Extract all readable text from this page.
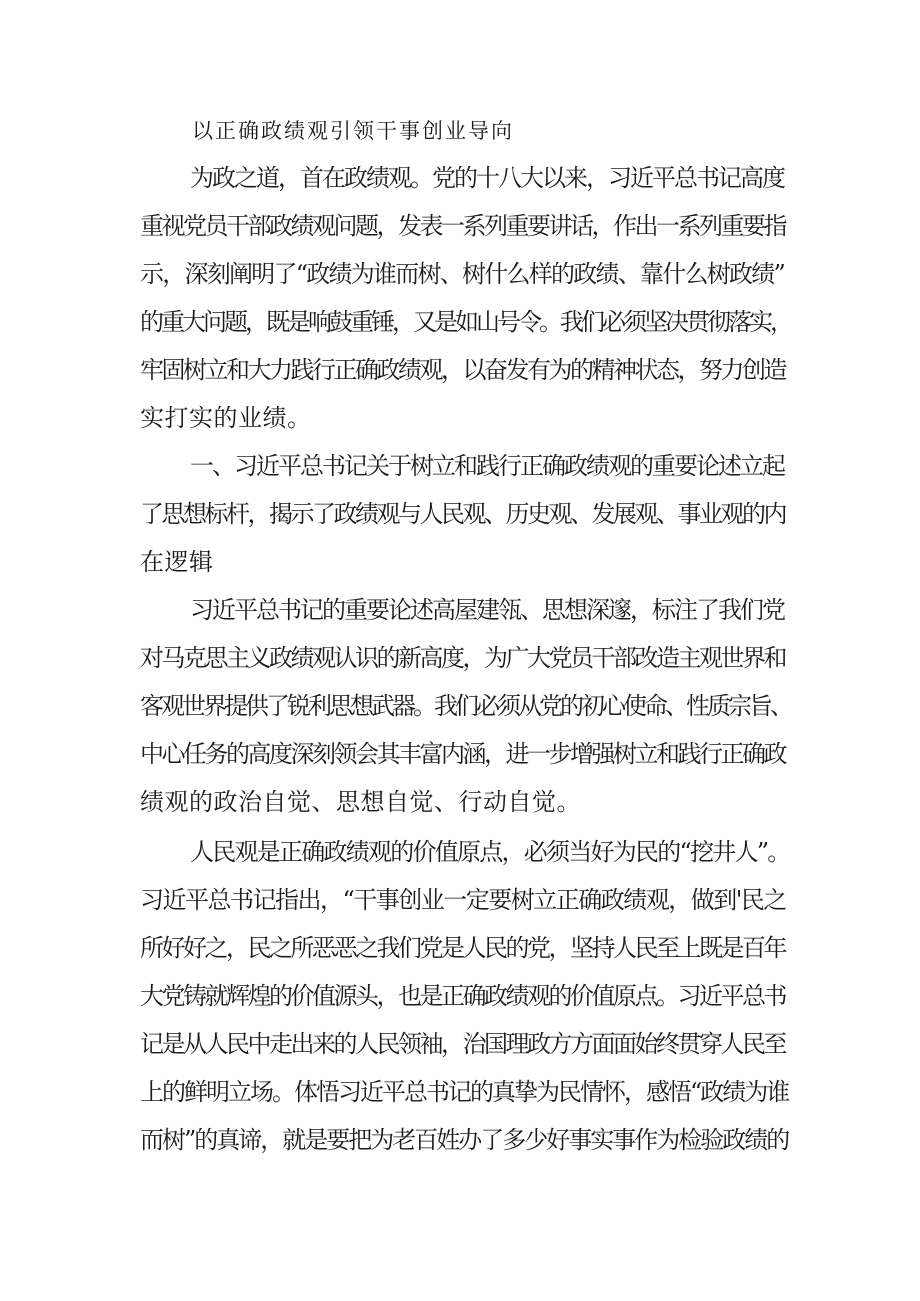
以正确政绩观引领干事创业导向
为政之道，首在政绩观。党的十八大以来，习近平总书记高度
重视党员干部政绩观问题，发表一系列重要讲话，作出一系列重要指
示，深刻阐明了“政绩为谁而树、树什么样的政绩、靠什么树政绩”
的重大问题，既是响鼓重锤，又是如山号令。我们必须坚决贯彻落实，
牢固树立和大力践行正确政绩观，以奋发有为的精神状态，努力创造
实打实的业绩。
一、习近平总书记关于树立和践行正确政绩观的重要论述立起
了思想标杆，揭示了政绩观与人民观、历史观、发展观、事业观的内
在逻辑
习近平总书记的重要论述高屋建瓴、思想深邃，标注了我们党
对马克思主义政绩观认识的新高度，为广大党员干部改造主观世界和
客观世界提供了锐利思想武器。我们必须从党的初心使命、性质宗旨、
中心任务的高度深刻领会其丰富内涵，进一步增强树立和践行正确政
绩观的政治自觉、思想自觉、行动自觉。
人民观是正确政绩观的价值原点，必须当好为民的“挖井人”。
习近平总书记指出，“干事创业一定要树立正确政绩观，做到'民之
所好好之，民之所恶恶之我们党是人民的党，坚持人民至上既是百年
大党铸就辉煌的价值源头，也是正确政绩观的价值原点。习近平总书
记是从人民中走出来的人民领袖，治国理政方方面面始终贯穿人民至
上的鲜明立场。体悟习近平总书记的真挚为民情怀，感悟“政绩为谁
而树”的真谛，就是要把为老百姓办了多少好事实事作为检验政绩的
